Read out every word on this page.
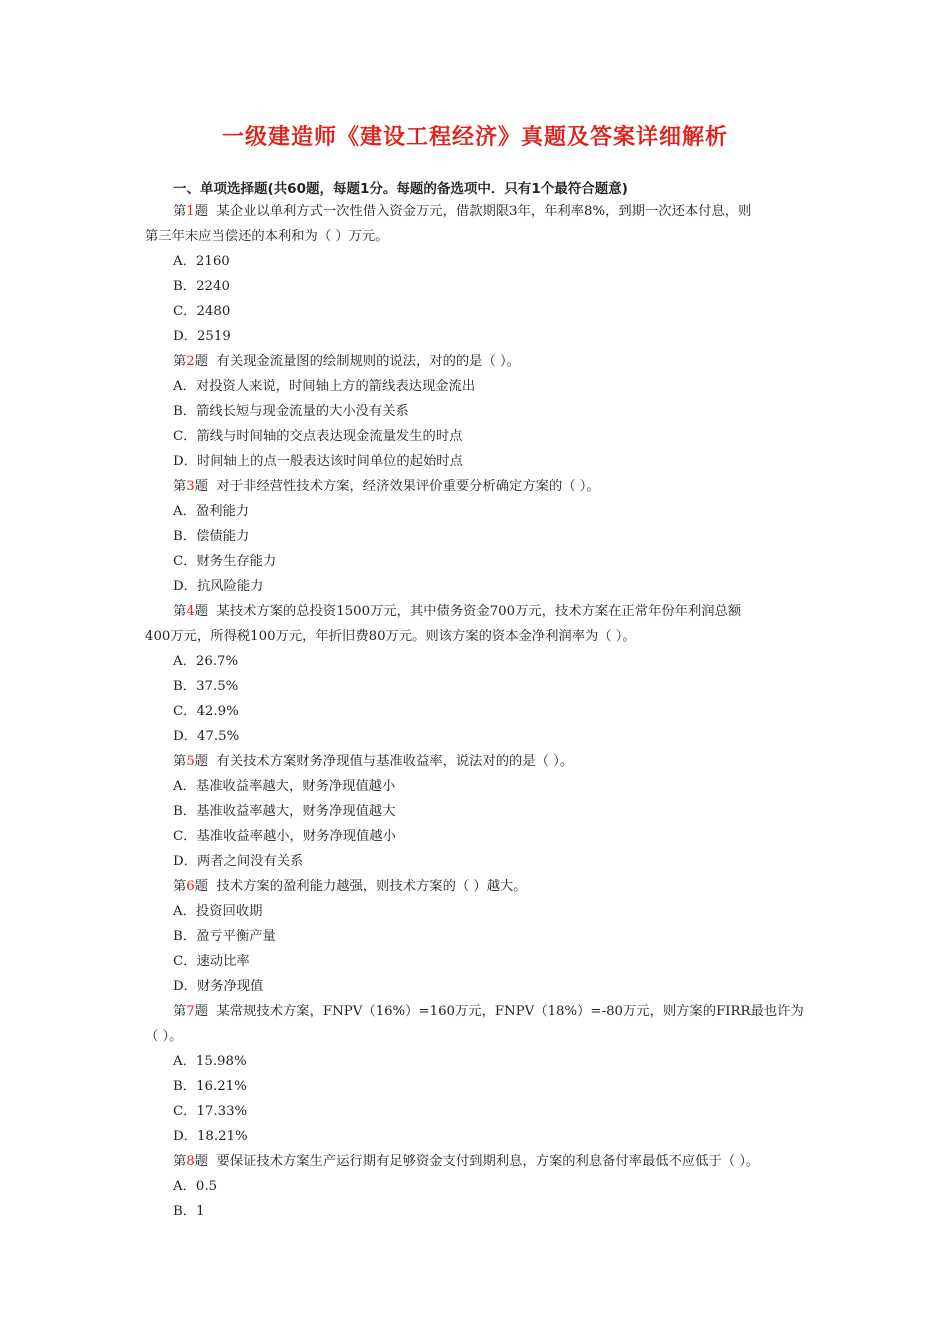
一级建造师《建设工程经济》真题及答案详细解析

一、单项选择题(共60题，每题1分。每题的备选项中．只有1个最符合题意)

第1题 某企业以单利方式一次性借入资金万元，借款期限3年，年利率8%，到期一次还本付息，则
第三年末应当偿还的本利和为（ ）万元。
A．2160
B．2240
C．2480
D．2519
第2题 有关现金流量图的绘制规则的说法，对的的是（ ）。
A．对投资人来说，时间轴上方的箭线表达现金流出
B．箭线长短与现金流量的大小没有关系
C．箭线与时间轴的交点表达现金流量发生的时点
D．时间轴上的点一般表达该时间单位的起始时点
第3题 对于非经营性技术方案，经济效果评价重要分析确定方案的（ ）。
A．盈利能力
B．偿债能力
C．财务生存能力
D．抗风险能力
第4题 某技术方案的总投资1500万元，其中债务资金700万元，技术方案在正常年份年利润总额
400万元，所得税100万元，年折旧费80万元。则该方案的资本金净利润率为（ ）。
A．26.7%
B．37.5%
C．42.9%
D．47.5%
第5题 有关技术方案财务净现值与基准收益率，说法对的的是（ ）。
A．基准收益率越大，财务净现值越小
B．基准收益率越大，财务净现值越大
C．基准收益率越小，财务净现值越小
D．两者之间没有关系
第6题 技术方案的盈利能力越强，则技术方案的（ ）越大。
A．投资回收期
B．盈亏平衡产量
C．速动比率
D．财务净现值
第7题 某常规技术方案，FNPV（16%）=160万元，FNPV（18%）=-80万元，则方案的FIRR最也许为
（ ）。
A．15.98%
B．16.21%
C．17.33%
D．18.21%
第8题 要保证技术方案生产运行期有足够资金支付到期利息，方案的利息备付率最低不应低于（ ）。
A．0.5
B．1
